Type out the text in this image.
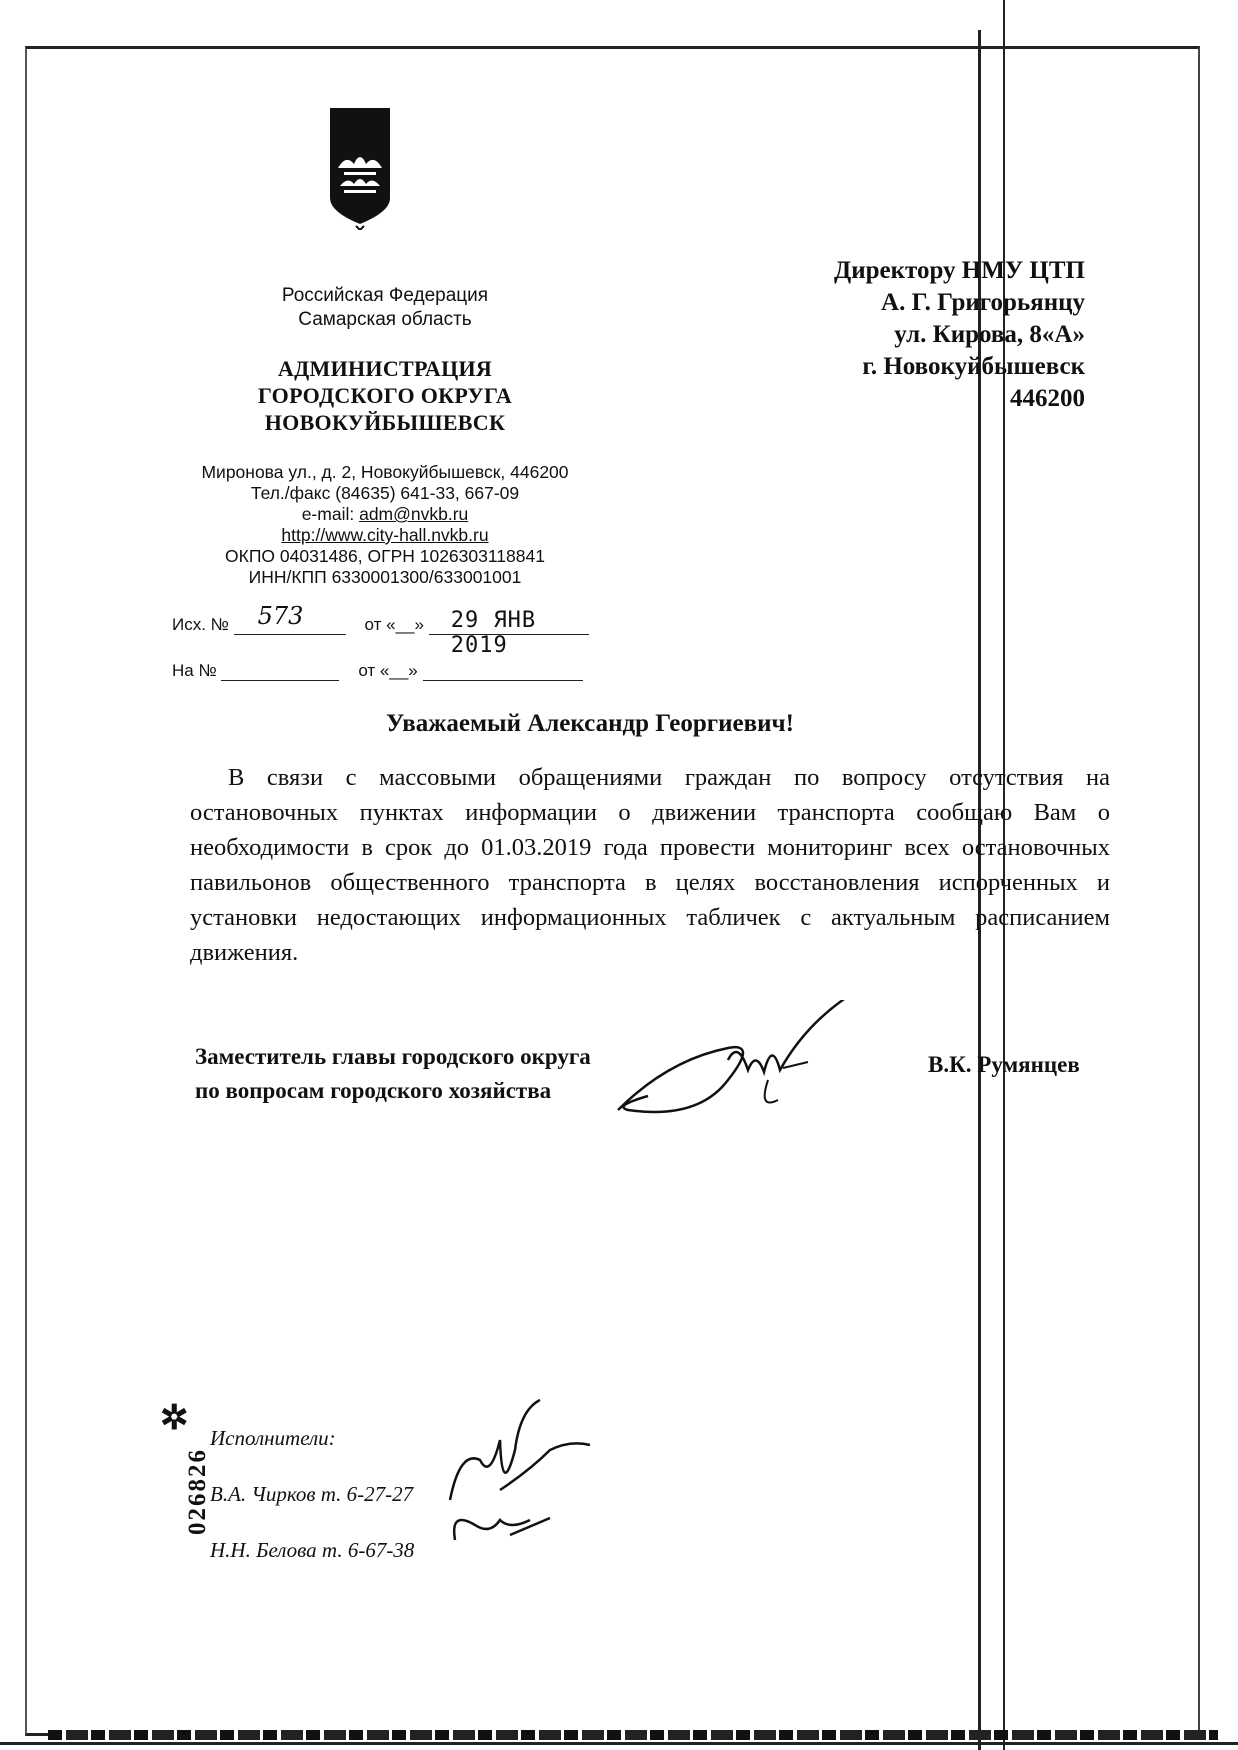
Российская Федерация
Самарская область
АДМИНИСТРАЦИЯ
ГОРОДСКОГО ОКРУГА
НОВОКУЙБЫШЕВСК
Миронова ул., д. 2, Новокуйбышевск, 446200
Тел./факс (84635) 641-33, 667-09
e-mail: adm@nvkb.ru
http://www.city-hall.nvkb.ru
ОКПО 04031486, ОГРН 1026303118841
ИНН/КПП 6330001300/633001001
Директору НМУ ЦТП
А. Г. Григорьянцу
ул. Кирова, 8«А»
г. Новокуйбышевск
446200
Исх. № 573	от «__» 29 ЯНВ 2019
На №	от «__»
Уважаемый Александр Георгиевич!
В связи с массовыми обращениями граждан по вопросу отсутствия на остановочных пунктах информации о движении транспорта сообщаю Вам о необходимости в срок до 01.03.2019 года провести мониторинг всех остановочных павильонов общественного транспорта в целях восстановления испорченных и установки недостающих информационных табличек с актуальным расписанием движения.
Заместитель главы городского округа
по вопросам городского хозяйства
В.К. Румянцев
✲
026826
Исполнители:
В.А. Чирков т. 6-27-27
Н.Н. Белова т. 6-67-38
